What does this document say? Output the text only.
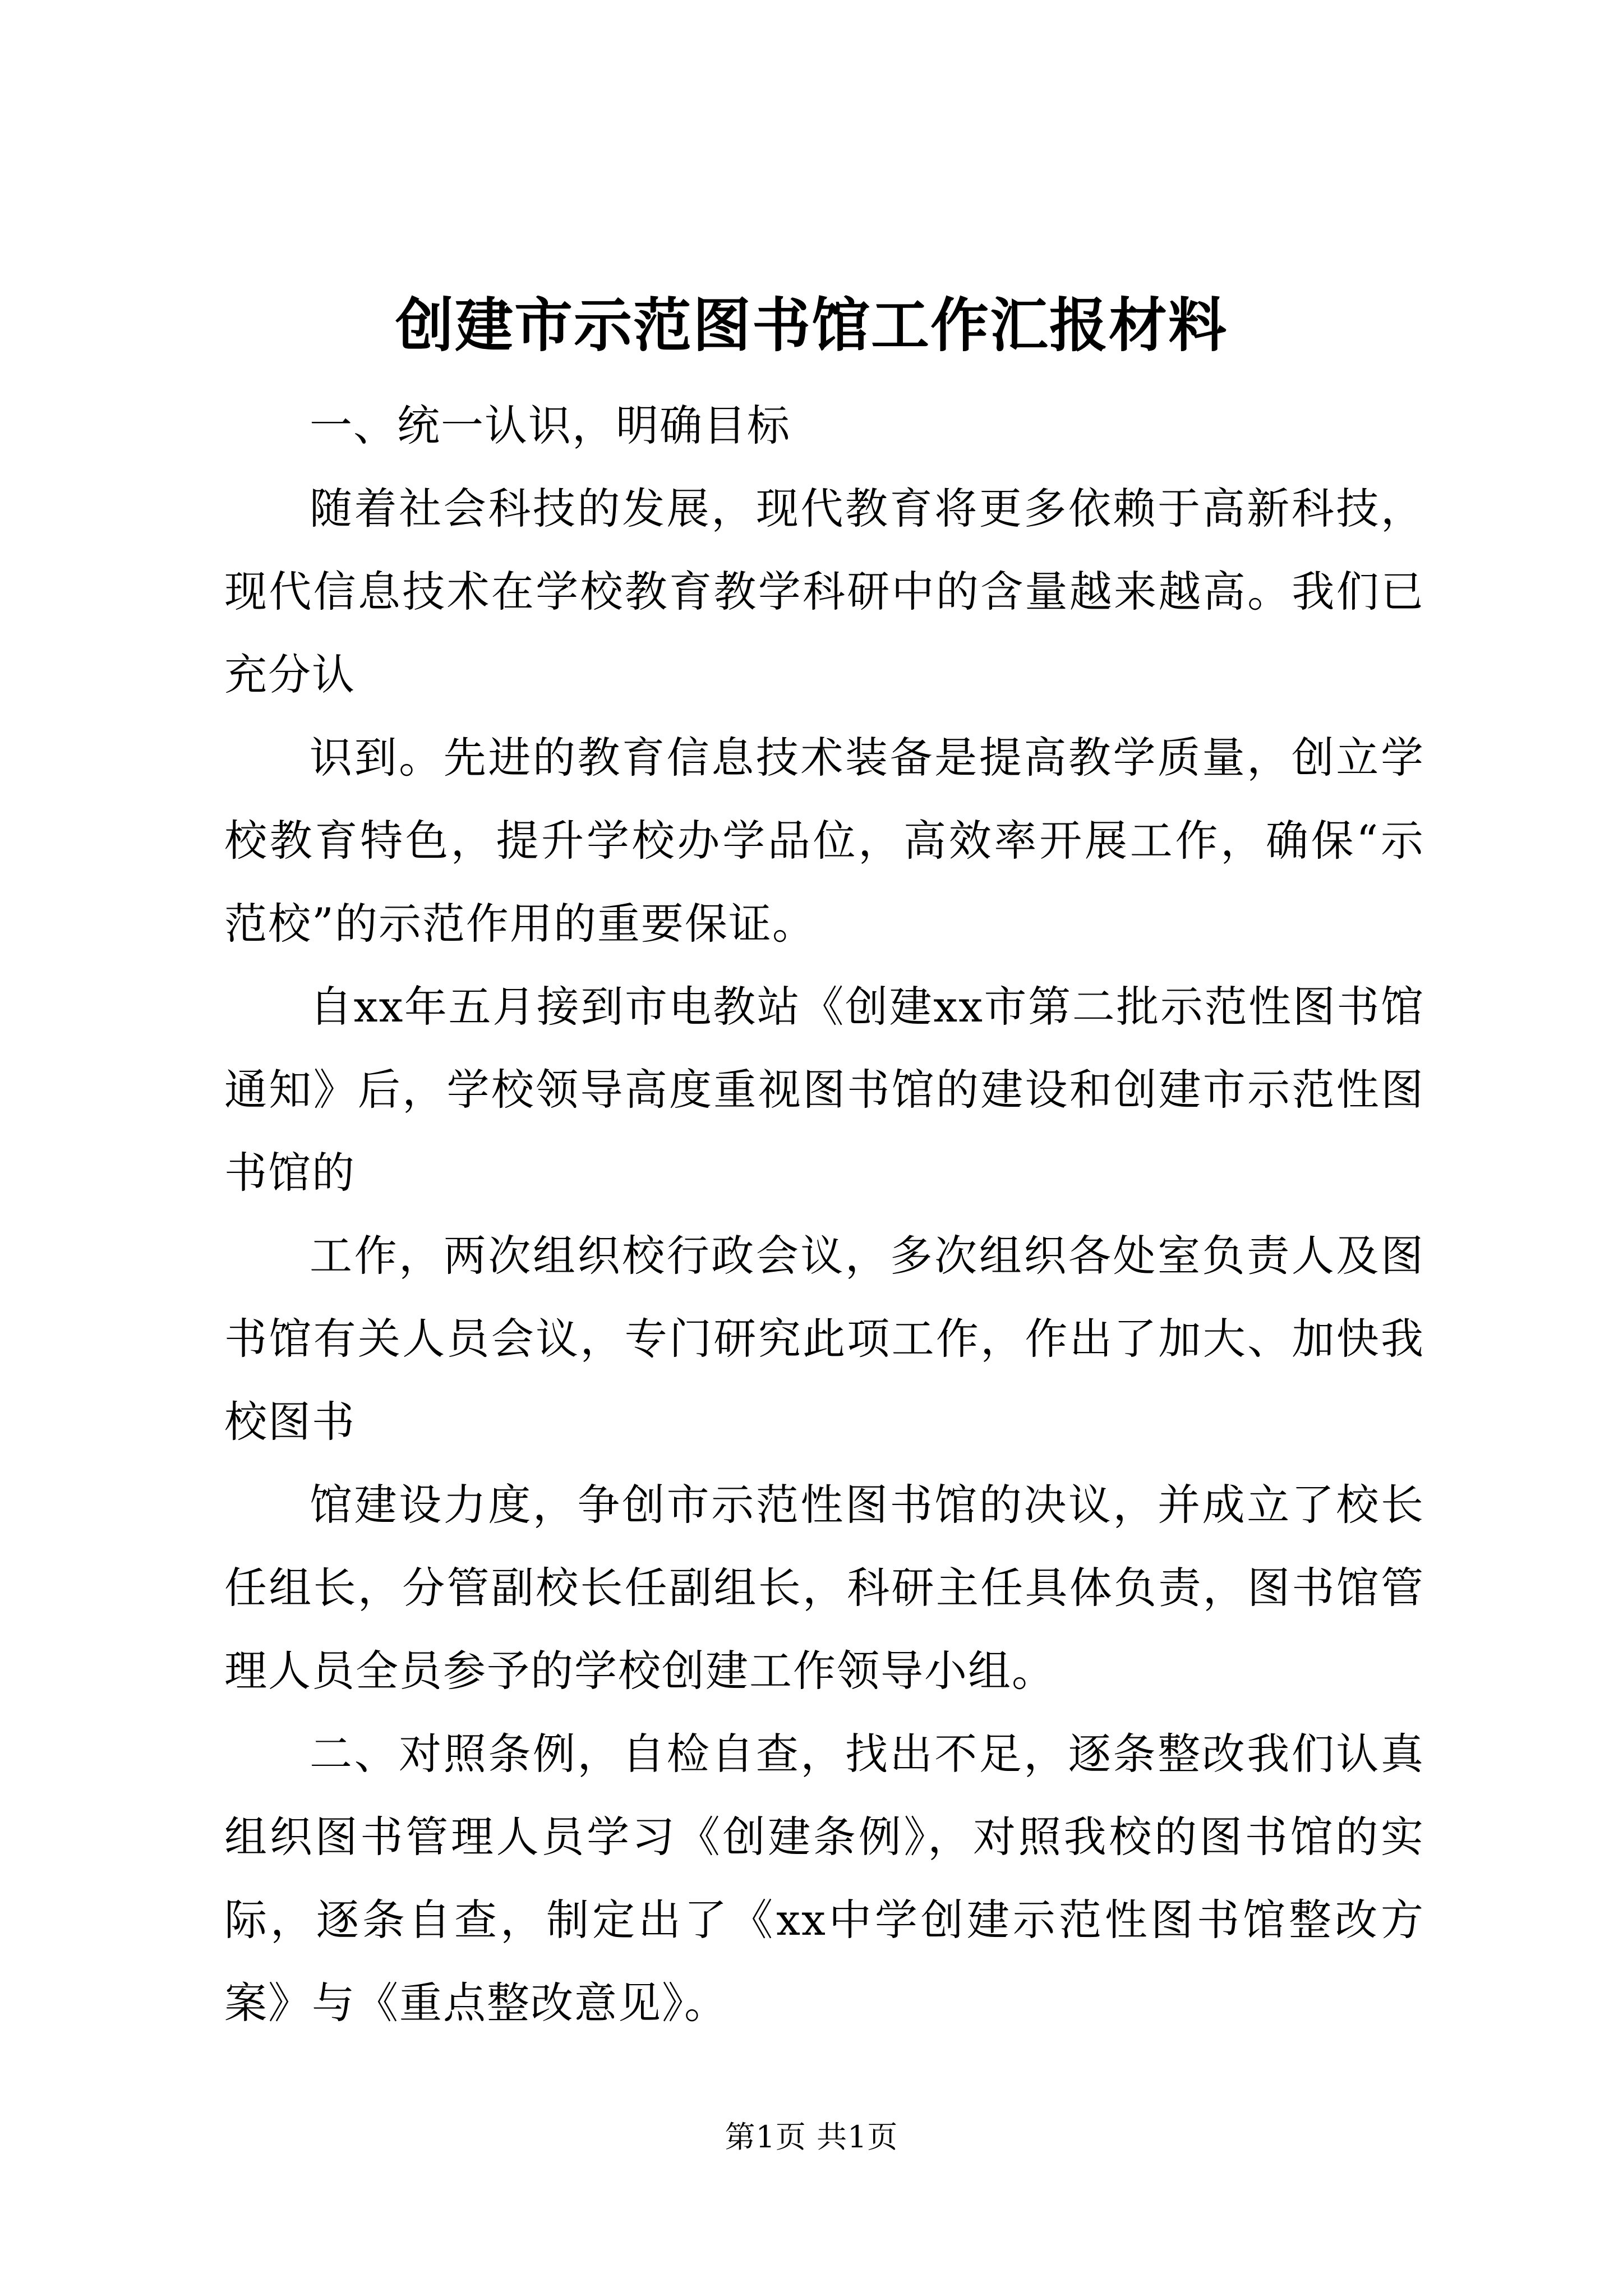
创建市示范图书馆工作汇报材料

一、统一认识，明确目标

随着社会科技的发展，现代教育将更多依赖于高新科技，现代信息技术在学校教育教学科研中的含量越来越高。我们已充分认

识到。先进的教育信息技术装备是提高教学质量，创立学校教育特色，提升学校办学品位，高效率开展工作，确保“示范校”的示范作用的重要保证。

自xx年五月接到市电教站《创建xx市第二批示范性图书馆通知》后，学校领导高度重视图书馆的建设和创建市示范性图书馆的

工作，两次组织校行政会议，多次组织各处室负责人及图书馆有关人员会议，专门研究此项工作，作出了加大、加快我校图书

馆建设力度，争创市示范性图书馆的决议，并成立了校长任组长，分管副校长任副组长，科研主任具体负责，图书馆管理人员全员参予的学校创建工作领导小组。

二、对照条例，自检自查，找出不足，逐条整改我们认真组织图书管理人员学习《创建条例》，对照我校的图书馆的实际，逐条自查，制定出了《xx中学创建示范性图书馆整改方案》与《重点整改意见》。

第1页 共1页
